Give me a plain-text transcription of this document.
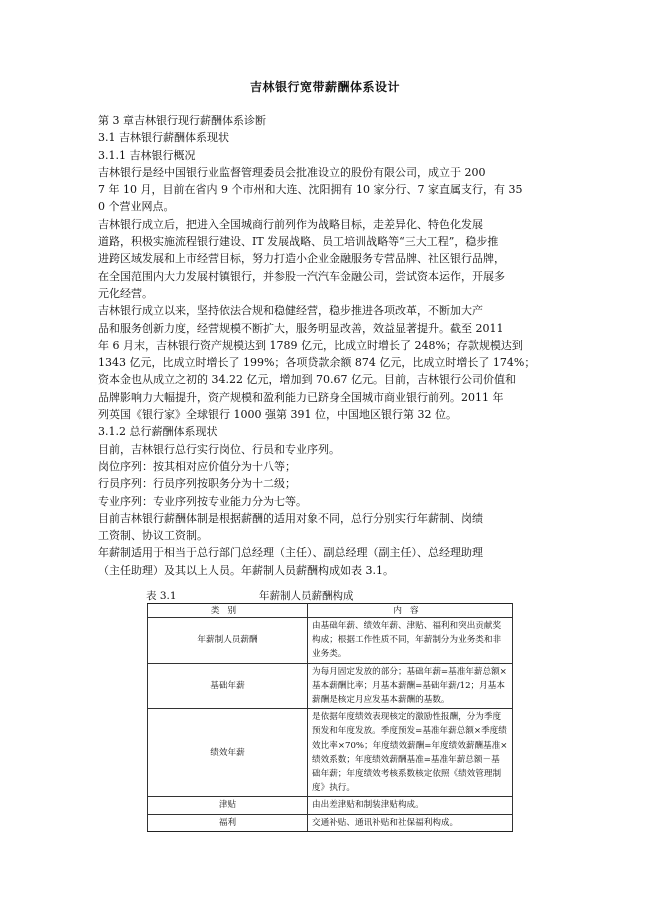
吉林银行宽带薪酬体系设计
第 3 章吉林银行现行薪酬体系诊断
3.1 吉林银行薪酬体系现状
3.1.1 吉林银行概况
吉林银行是经中国银行业监督管理委员会批准设立的股份有限公司，成立于 200
7 年 10 月，目前在省内 9 个市州和大连、沈阳拥有 10 家分行、7 家直属支行，有 35
0 个营业网点。
吉林银行成立后，把进入全国城商行前列作为战略目标，走差异化、特色化发展
道路，积极实施流程银行建设、IT 发展战略、员工培训战略等“三大工程”，稳步推
进跨区域发展和上市经营目标，努力打造小企业金融服务专营品牌、社区银行品牌，
在全国范围内大力发展村镇银行，并参股一汽汽车金融公司，尝试资本运作，开展多
元化经营。
吉林银行成立以来，坚持依法合规和稳健经营，稳步推进各项改革，不断加大产
品和服务创新力度，经营规模不断扩大，服务明显改善，效益显著提升。截至 2011
年 6 月末，吉林银行资产规模达到 1789 亿元，比成立时增长了 248%；存款规模达到
1343 亿元，比成立时增长了 199%；各项贷款余额 874 亿元，比成立时增长了 174%；
资本金也从成立之初的 34.22 亿元，增加到 70.67 亿元。目前，吉林银行公司价值和
品牌影响力大幅提升，资产规模和盈利能力已跻身全国城市商业银行前列。2011 年
列英国《银行家》全球银行 1000 强第 391 位，中国地区银行第 32 位。
3.1.2 总行薪酬体系现状
目前，吉林银行总行实行岗位、行员和专业序列。
岗位序列：按其相对应价值分为十八等；
行员序列：行员序列按职务分为十二级；
专业序列：专业序列按专业能力分为七等。
目前吉林银行薪酬体制是根据薪酬的适用对象不同，总行分别实行年薪制、岗绩
工资制、协议工资制。
年薪制适用于相当于总行部门总经理（主任）、副总经理（副主任）、总经理助理
（主任助理）及其以上人员。年薪制人员薪酬构成如表 3.1。
表 3.1	年薪制人员薪酬构成
类别	内容
年薪制人员薪酬	由基础年薪、绩效年薪、津贴、福利和突出贡献奖构成；根据工作性质不同，年薪制分为业务类和非业务类。
基础年薪	为每月固定发放的部分；基础年薪=基准年薪总额×基本薪酬比率；月基本薪酬=基础年薪/12；月基本薪酬是核定月应发基本薪酬的基数。
绩效年薪	是依据年度绩效表现核定的激励性报酬，分为季度预发和年度发放。季度预发=基准年薪总额×季度绩效比率×70%；年度绩效薪酬=年度绩效薪酬基准×绩效系数；年度绩效薪酬基准=基准年薪总额－基础年薪；年度绩效考核系数核定依照《绩效管理制度》执行。
津贴	由出差津贴和制装津贴构成。
福利	交通补贴、通讯补贴和社保福利构成。
